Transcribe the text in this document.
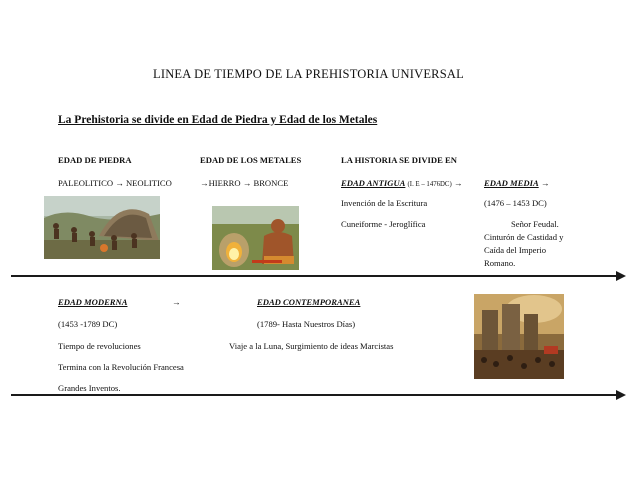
LINEA DE TIEMPO DE LA PREHISTORIA UNIVERSAL
La Prehistoria se divide en Edad de Piedra y Edad de los Metales
EDAD DE PIEDRA	EDAD DE LOS METALES	LA HISTORIA SE DIVIDE EN
PALEOLITICO → NEOLITICO	→HIERRO → BRONCE	EDAD ANTIGUA (I. E – 1476DC) →	EDAD MEDIA →
Invención de la Escritura
Cuneiforme - Jeroglífica
(1476 – 1453 DC)
Señor Feudal.
Cinturón de Castidad y
Caída del Imperio
Romano.
EDAD MODERNA	→	EDAD CONTEMPORANEA
(1453 -1789 DC)	(1789- Hasta Nuestros Días)
Tiempo de revoluciones	Viaje a la Luna, Surgimiento de ideas Marcistas
Termina con la Revolución Francesa
Grandes Inventos.
